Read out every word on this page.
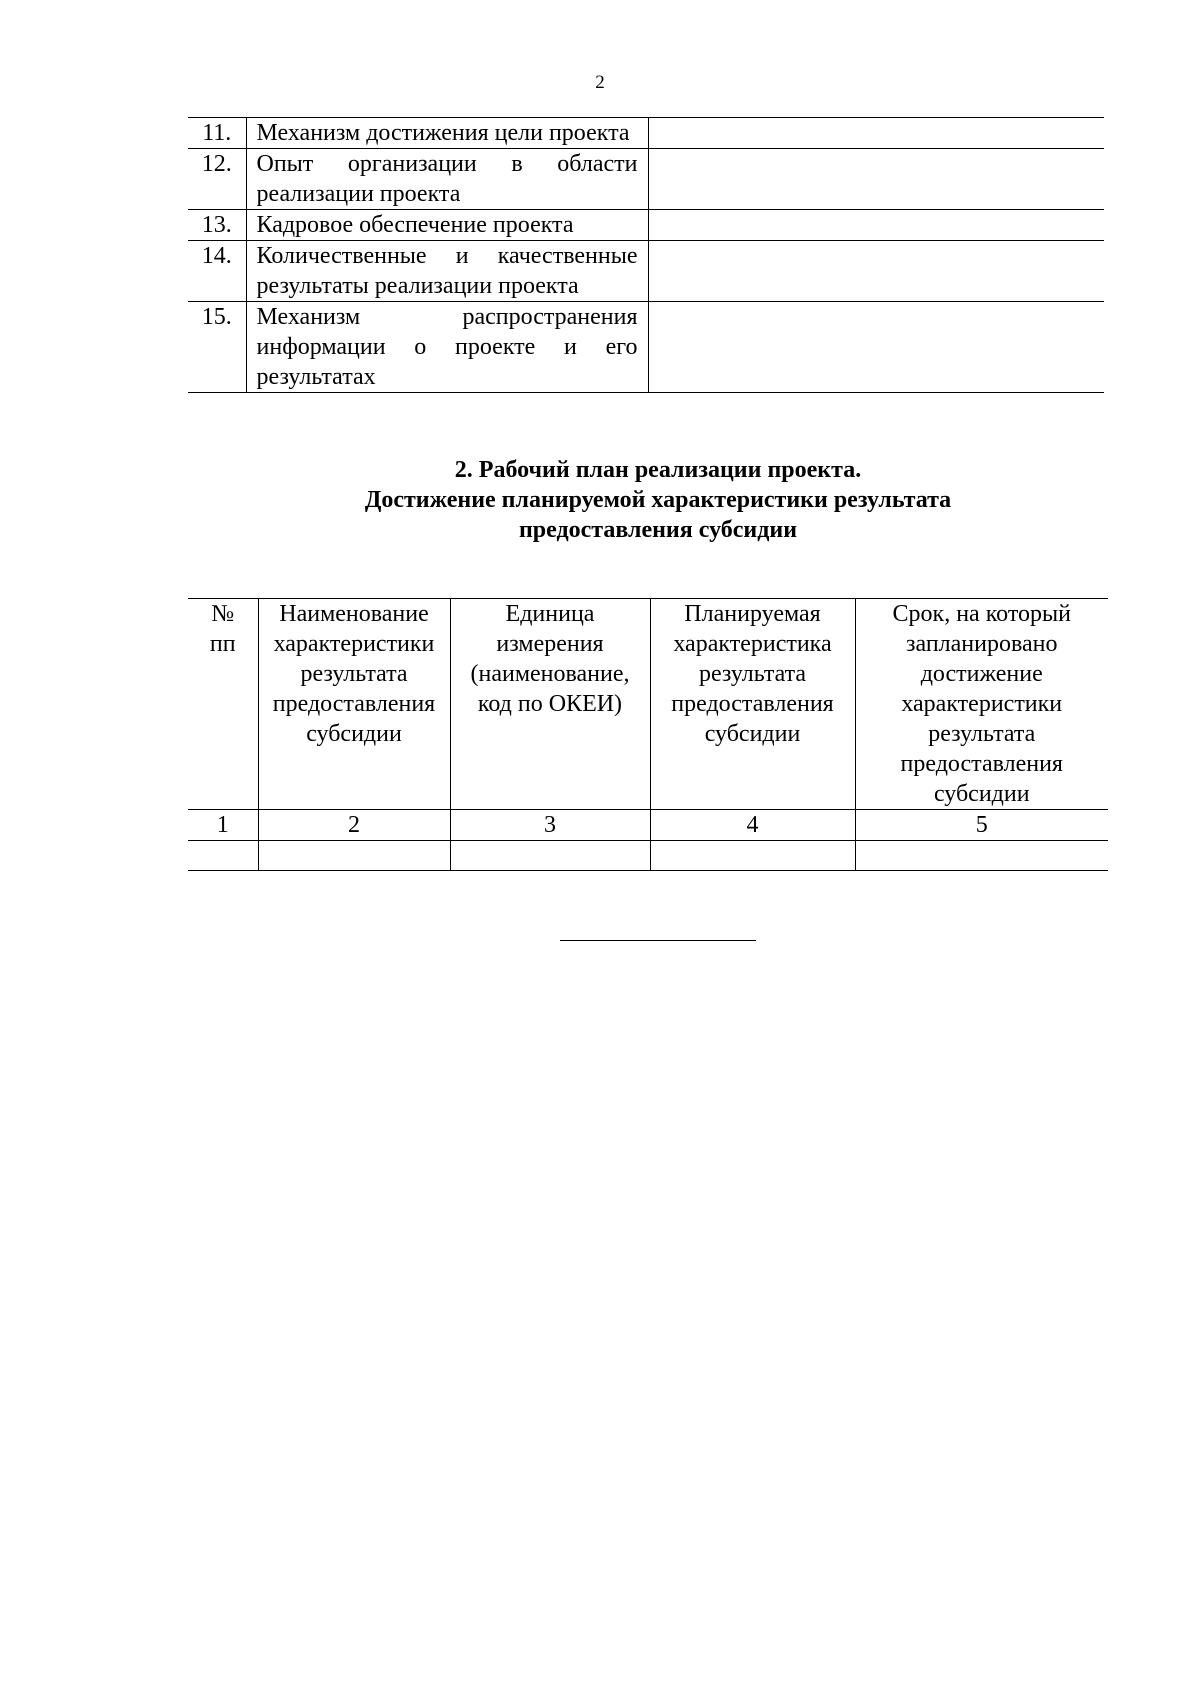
2
11.	Механизм достижения цели проекта	
12.	Опыт организации в области реализации проекта	
13.	Кадровое обеспечение проекта	
14.	Количественные и качественные результаты реализации проекта	
15.	Механизм распространения информации о проекте и его результатах	
2. Рабочий план реализации проекта.
Достижение планируемой характеристики результата
предоставления субсидии
№ пп	Наименование характеристики результата предоставления субсидии	Единица измерения (наименование, код по ОКЕИ)	Планируемая характеристика результата предоставления субсидии	Срок, на который запланировано достижение характеристики результата предоставления субсидии
1	2	3	4	5
